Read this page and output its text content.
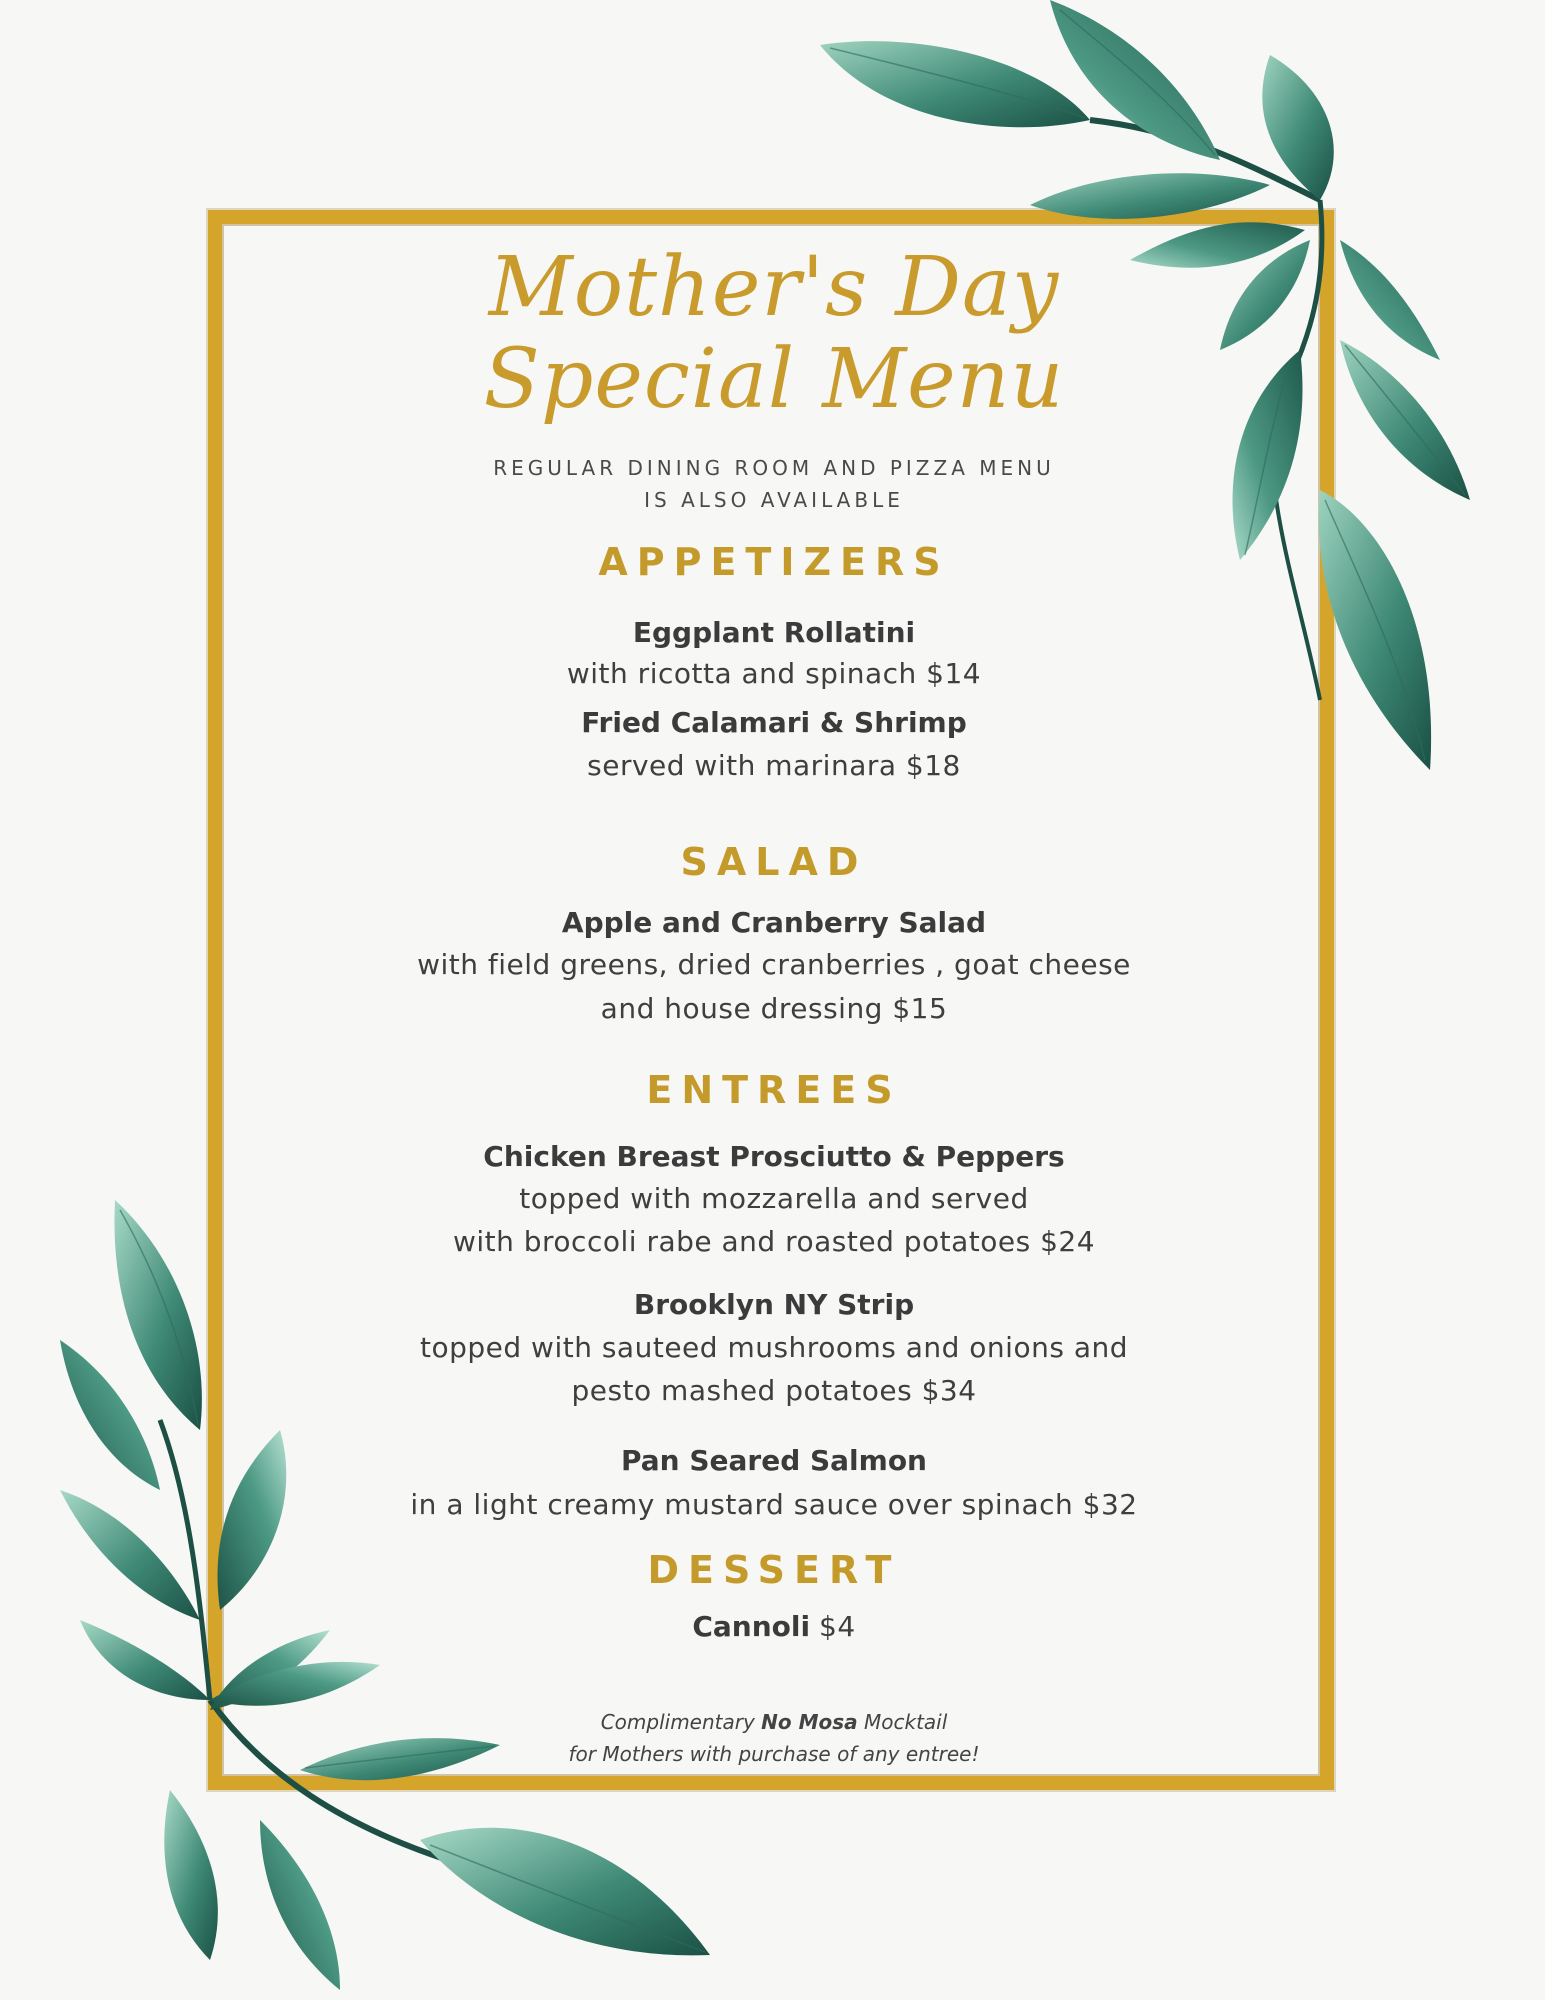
Mother's Day
Special Menu
REGULAR DINING ROOM AND PIZZA MENU
IS ALSO AVAILABLE
APPETIZERS
Eggplant Rollatini
with ricotta and spinach $14
Fried Calamari & Shrimp
served with marinara $18
SALAD
Apple and Cranberry Salad
with field greens, dried cranberries , goat cheese
and house dressing $15
ENTREES
Chicken Breast Prosciutto & Peppers
topped with mozzarella and served
with broccoli rabe and roasted potatoes $24
Brooklyn NY Strip
topped with sauteed mushrooms and onions and
pesto mashed potatoes $34
Pan Seared Salmon
in a light creamy mustard sauce over spinach $32
DESSERT
Cannoli $4
Complimentary No Mosa Mocktail
for Mothers with purchase of any entree!
